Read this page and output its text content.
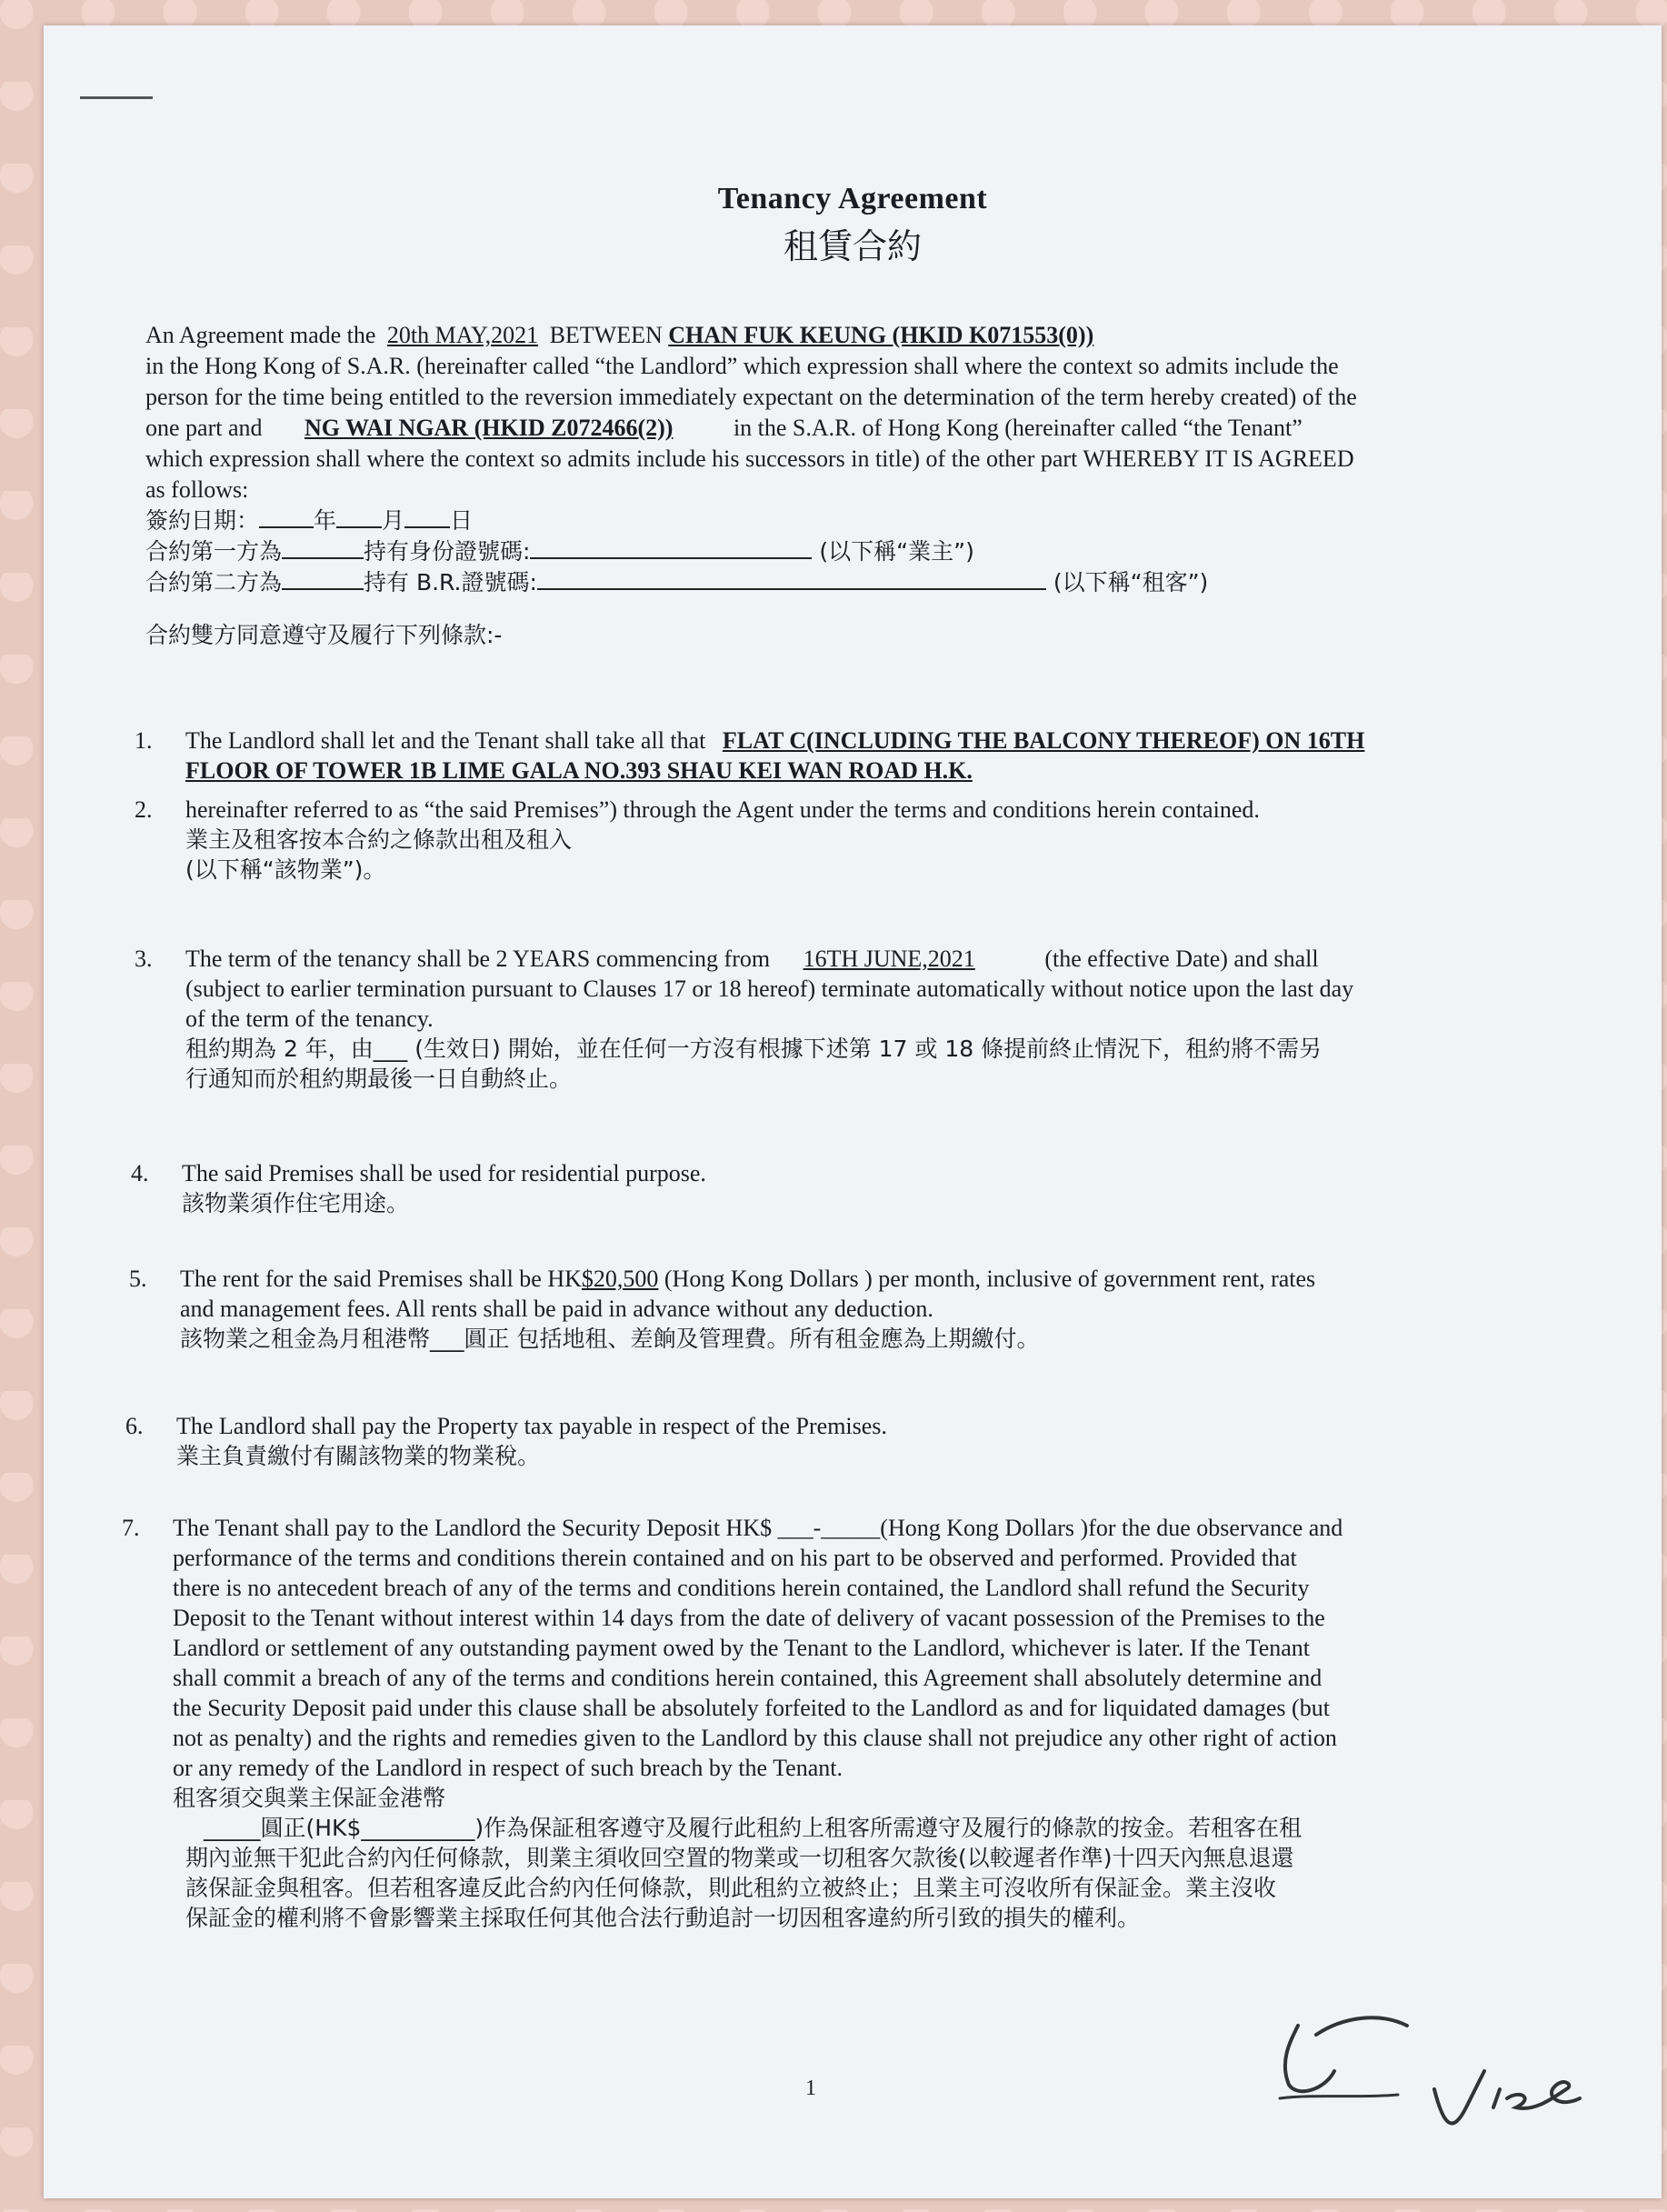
Tenancy Agreement
租賃合約
An Agreement made the 20th MAY,2021 BETWEEN CHAN FUK KEUNG (HKID K071553(0))
in the Hong Kong of S.A.R. (hereinafter called “the Landlord” which expression shall where the context so admits include the
person for the time being entitled to the reversion immediately expectant on the determination of the term hereby created) of the
one part and NG WAI NGAR (HKID Z072466(2))	in the S.A.R. of Hong Kong (hereinafter called “the Tenant”
which expression shall where the context so admits include his successors in title) of the other part WHEREBY IT IS AGREED
as follows:
簽約日期： 年 月 日
合約第一方為	持有身份證號碼:	(以下稱“業主”)
合約第二方為	持有 B.R.證號碼:	(以下稱“租客”)
合約雙方同意遵守及履行下列條款:-
1.	The Landlord shall let and the Tenant shall take all that FLAT C(INCLUDING THE BALCONY THEREOF) ON 16TH
FLOOR OF TOWER 1B LIME GALA NO.393 SHAU KEI WAN ROAD H.K.
2.	hereinafter referred to as “the said Premises”) through the Agent under the terms and conditions herein contained.
業主及租客按本合約之條款出租及租入
(以下稱“該物業”)。
3.	The term of the tenancy shall be 2 YEARS commencing from 16TH JUNE,2021	(the effective Date) and shall
(subject to earlier termination pursuant to Clauses 17 or 18 hereof) terminate automatically without notice upon the last day
of the term of the tenancy.
租約期為 2 年，由___ (生效日) 開始，並在任何一方沒有根據下述第 17 或 18 條提前終止情況下，租約將不需另
行通知而於租約期最後一日自動終止。
4.	The said Premises shall be used for residential purpose.
該物業須作住宅用途。
5.	The rent for the said Premises shall be HK$20,500 (Hong Kong Dollars ) per month, inclusive of government rent, rates
and management fees. All rents shall be paid in advance without any deduction.
該物業之租金為月租港幣___圓正 包括地租、差餉及管理費。所有租金應為上期繳付。
6.	The Landlord shall pay the Property tax payable in respect of the Premises.
業主負責繳付有關該物業的物業稅。
7.	The Tenant shall pay to the Landlord the Security Deposit HK$ ___-_____(Hong Kong Dollars )for the due observance and
performance of the terms and conditions therein contained and on his part to be observed and performed. Provided that
there is no antecedent breach of any of the terms and conditions herein contained, the Landlord shall refund the Security
Deposit to the Tenant without interest within 14 days from the date of delivery of vacant possession of the Premises to the
Landlord or settlement of any outstanding payment owed by the Tenant to the Landlord, whichever is later. If the Tenant
shall commit a breach of any of the terms and conditions herein contained, this Agreement shall absolutely determine and
the Security Deposit paid under this clause shall be absolutely forfeited to the Landlord as and for liquidated damages (but
not as penalty) and the rights and remedies given to the Landlord by this clause shall not prejudice any other right of action
or any remedy of the Landlord in respect of such breach by the Tenant.
租客須交與業主保証金港幣
_____圓正(HK$__________)作為保証租客遵守及履行此租約上租客所需遵守及履行的條款的按金。若租客在租
期內並無干犯此合約內任何條款，則業主須收回空置的物業或一切租客欠款後(以較遲者作準)十四天內無息退還
該保証金與租客。但若租客違反此合約內任何條款，則此租約立被終止；且業主可沒收所有保証金。業主沒收
保証金的權利將不會影響業主採取任何其他合法行動追討一切因租客違約所引致的損失的權利。
1
